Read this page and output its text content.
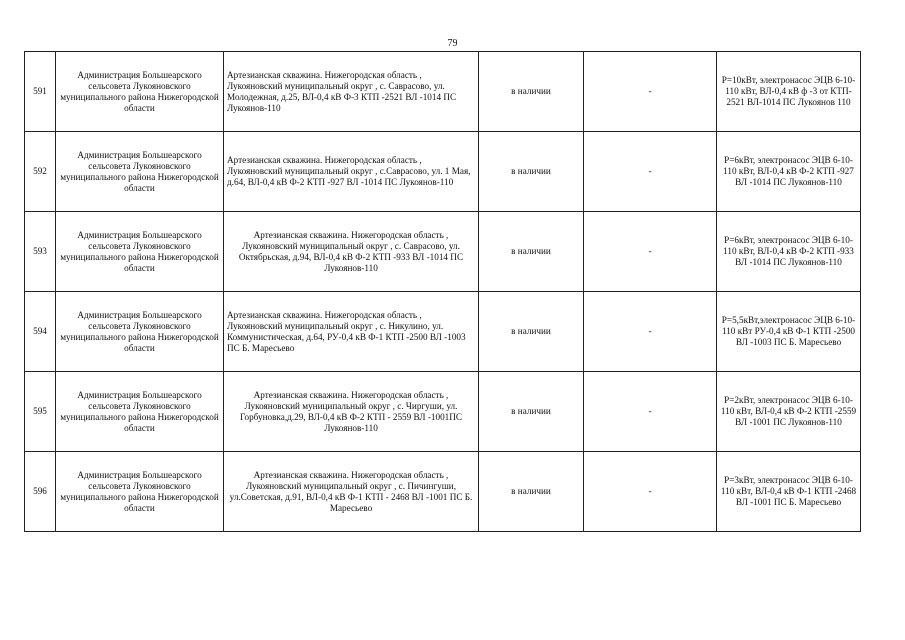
79
591	Администрация Большеарского сельсовета Лукояновского муниципального района Нижегородской области	Артезианская скважина. Нижегородская область , Лукояновский муниципальный округ , с. Саврасово, ул. Молодежная, д.25, ВЛ-0,4 кВ Ф-3 КТП -2521 ВЛ -1014 ПС Лукоянов-110	в наличии	-	Р=10кВт, электронасос ЭЦВ 6-10-110 кВт, ВЛ-0,4 кВ ф -3 от КТП- 2521 ВЛ-1014 ПС Лукоянов 110
592	Администрация Большеарского сельсовета Лукояновского муниципального района Нижегородской области	Артезианская скважина. Нижегородская область , Лукояновский муниципальный округ , с.Саврасово, ул. 1 Мая, д.64, ВЛ-0,4 кВ Ф-2 КТП -927 ВЛ -1014 ПС Лукоянов-110	в наличии	-	Р=6кВт, электронасос ЭЦВ 6-10-110 кВт, ВЛ-0,4 кВ Ф-2 КТП -927 ВЛ -1014 ПС Лукоянов-110
593	Администрация Большеарского сельсовета Лукояновского муниципального района Нижегородской области	Артезианская скважина. Нижегородская область , Лукояновский муниципальный округ , с. Саврасово, ул. Октябрьская, д.94, ВЛ-0,4 кВ Ф-2 КТП -933 ВЛ -1014 ПС Лукоянов-110	в наличии	-	Р=6кВт, электронасос ЭЦВ 6-10-110 кВт, ВЛ-0,4 кВ Ф-2 КТП -933 ВЛ -1014 ПС Лукоянов-110
594	Администрация Большеарского сельсовета Лукояновского муниципального района Нижегородской области	Артезианская скважина. Нижегородская область , Лукояновский муниципальный округ , с. Никулино, ул. Коммунистическая, д.64, РУ-0,4 кВ Ф-1 КТП -2500 ВЛ -1003 ПС Б. Маресьево	в наличии	-	Р=5,5кВт,электронасос ЭЦВ 6-10-110 кВт РУ-0,4 кВ Ф-1 КТП -2500 ВЛ -1003 ПС Б. Маресьево
595	Администрация Большеарского сельсовета Лукояновского муниципального района Нижегородской области	Артезианская скважина. Нижегородская область , Лукояновский муниципальный округ , с. Чиргуши, ул. Горбуновка,д.29, ВЛ-0,4 кВ Ф-2 КТП - 2559 ВЛ -1001ПС Лукоянов-110	в наличии	-	Р=2кВт, электронасос ЭЦВ 6-10-110 кВт, ВЛ-0,4 кВ Ф-2 КТП -2559 ВЛ -1001 ПС Лукоянов-110
596	Администрация Большеарского сельсовета Лукояновского муниципального района Нижегородской области	Артезианская скважина. Нижегородская область , Лукояновский муниципальный округ , с. Пичингуши, ул.Советская, д.91, ВЛ-0,4 кВ Ф-1 КТП - 2468 ВЛ -1001 ПС Б. Маресьево	в наличии	-	Р=3кВт, электронасос ЭЦВ 6-10-110 кВт, ВЛ-0,4 кВ Ф-1 КТП -2468 ВЛ -1001 ПС Б. Маресьево
